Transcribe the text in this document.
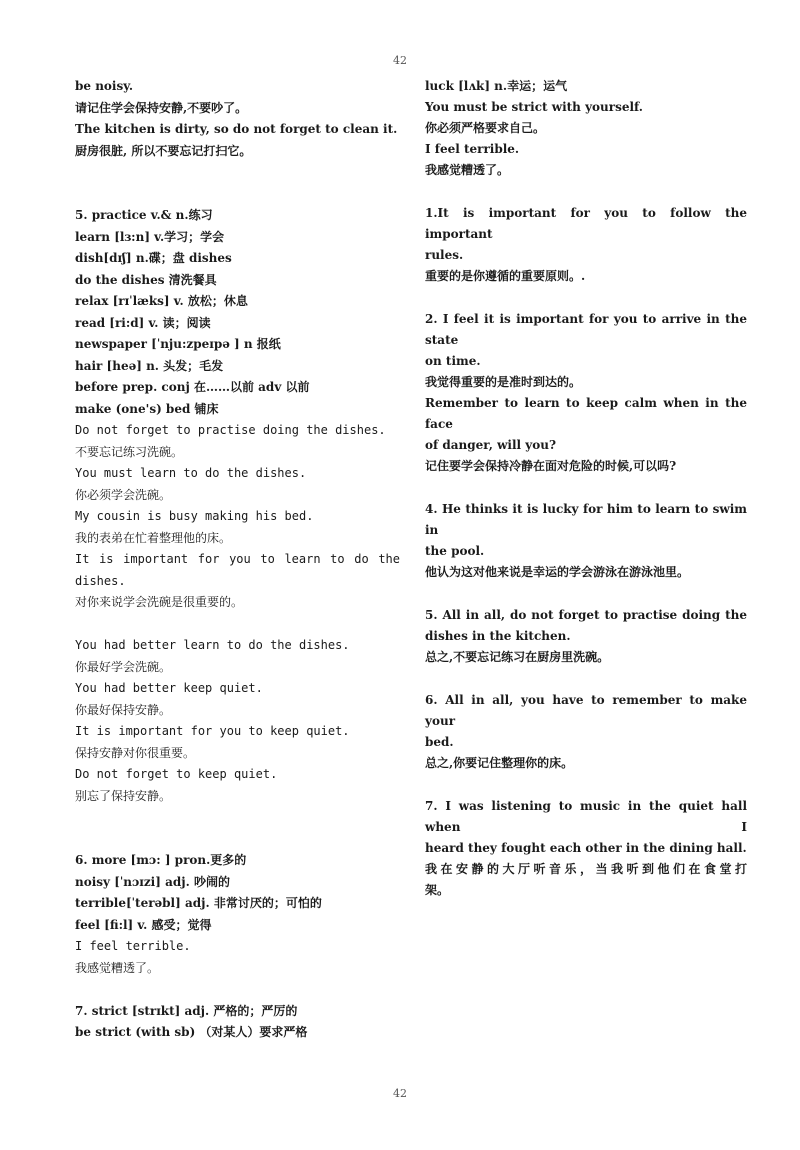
42
be noisy.
请记住学会保持安静,不要吵了。
The kitchen is dirty, so do not forget to clean it.
厨房很脏, 所以不要忘记打扫它。
5. practice v.& n.练习
learn [lɜ:n] v.学习；学会
dish[dɪʃ] n.碟；盘 dishes
do the dishes 清洗餐具
relax [rɪˈlæks] v. 放松；休息
read [ri:d] v. 读；阅读
newspaper [ˈnju:zpeɪpə ] n 报纸
hair [heə] n. 头发；毛发
before prep. conj 在……以前 adv 以前
make (one's) bed 铺床
Do not forget to practise doing the dishes.
不要忘记练习洗碗。
You must learn to do the dishes.
你必须学会洗碗。
My cousin is busy making his bed.
我的表弟在忙着整理他的床。
It is important for you to learn to do the
dishes.
对你来说学会洗碗是很重要的。
You had better learn to do the dishes.
你最好学会洗碗。
You had better keep quiet.
你最好保持安静。
It is important for you to keep quiet.
保持安静对你很重要。
Do not forget to keep quiet.
别忘了保持安静。
6. more [mɔ: ] pron.更多的
noisy [ˈnɔɪzi] adj. 吵闹的
terrible[ˈterəbl] adj. 非常讨厌的；可怕的
feel [fi:l] v. 感受；觉得
I feel terrible.
我感觉糟透了。
7. strict [strɪkt] adj. 严格的；严厉的
be strict (with sb) （对某人）要求严格
luck [lʌk] n.幸运；运气
You must be strict with yourself.
你必须严格要求自己。
I feel terrible.
我感觉糟透了。
1.It is important for you to follow the important
rules.
重要的是你遵循的重要原则。.
2. I feel it is important for you to arrive in the state
on time.
我觉得重要的是准时到达的。
Remember to learn to keep calm when in the face
of danger, will you?
记住要学会保持冷静在面对危险的时候,可以吗?
4. He thinks it is lucky for him to learn to swim in
the pool.
他认为这对他来说是幸运的学会游泳在游泳池里。
5. All in all, do not forget to practise doing the
dishes in the kitchen.
总之,不要忘记练习在厨房里洗碗。
6. All in all, you have to remember to make your
bed.
总之,你要记住整理你的床。
7. I was listening to music in the quiet hall when I
heard they fought each other in the dining hall.
我在安静的大厅听音乐，当我听到他们在食堂打
架。
42
